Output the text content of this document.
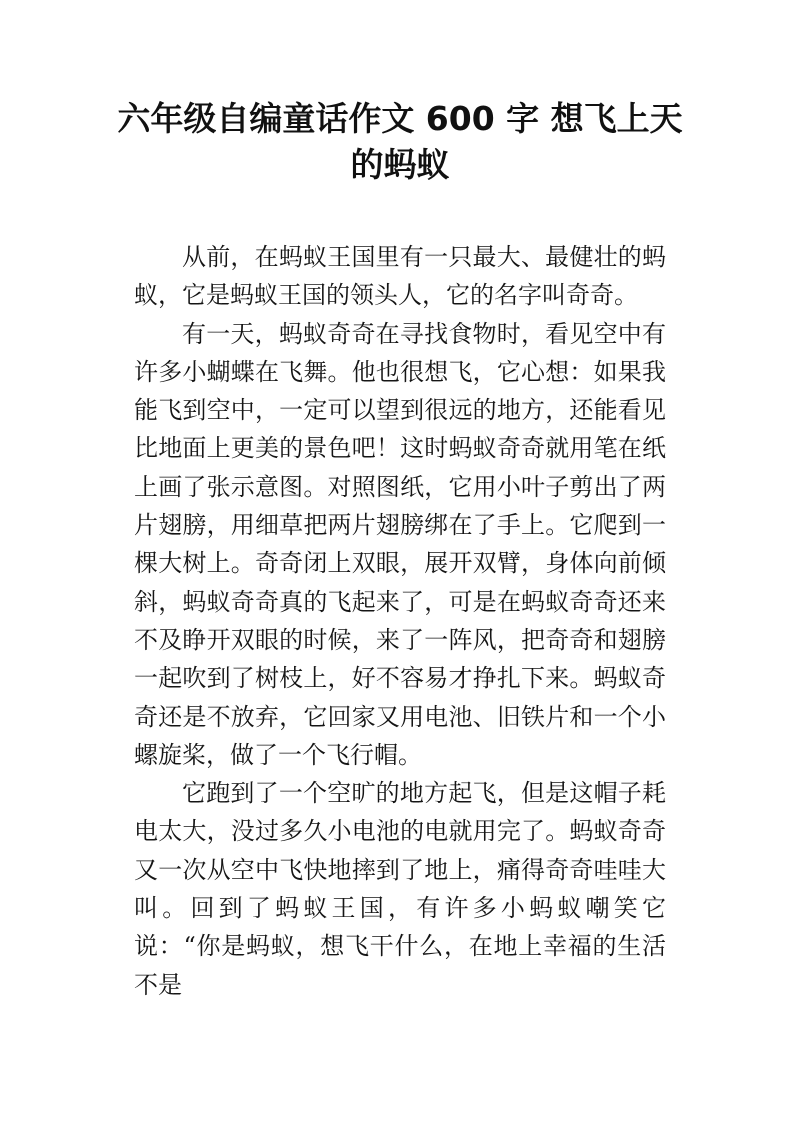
六年级自编童话作文 600 字 想飞上天
的蚂蚁

从前，在蚂蚁王国里有一只最大、最健壮的蚂蚁，它是蚂蚁王国的领头人，它的名字叫奇奇。

有一天，蚂蚁奇奇在寻找食物时，看见空中有许多小蝴蝶在飞舞。他也很想飞，它心想：如果我能飞到空中，一定可以望到很远的地方，还能看见比地面上更美的景色吧！这时蚂蚁奇奇就用笔在纸上画了张示意图。对照图纸，它用小叶子剪出了两片翅膀，用细草把两片翅膀绑在了手上。它爬到一棵大树上。奇奇闭上双眼，展开双臂，身体向前倾斜，蚂蚁奇奇真的飞起来了，可是在蚂蚁奇奇还来不及睁开双眼的时候，来了一阵风，把奇奇和翅膀一起吹到了树枝上，好不容易才挣扎下来。蚂蚁奇奇还是不放弃，它回家又用电池、旧铁片和一个小螺旋桨，做了一个飞行帽。

它跑到了一个空旷的地方起飞，但是这帽子耗电太大，没过多久小电池的电就用完了。蚂蚁奇奇又一次从空中飞快地摔到了地上，痛得奇奇哇哇大叫。回到了蚂蚁王国，有许多小蚂蚁嘲笑它说：“你是蚂蚁，想飞干什么，在地上幸福的生活不是
